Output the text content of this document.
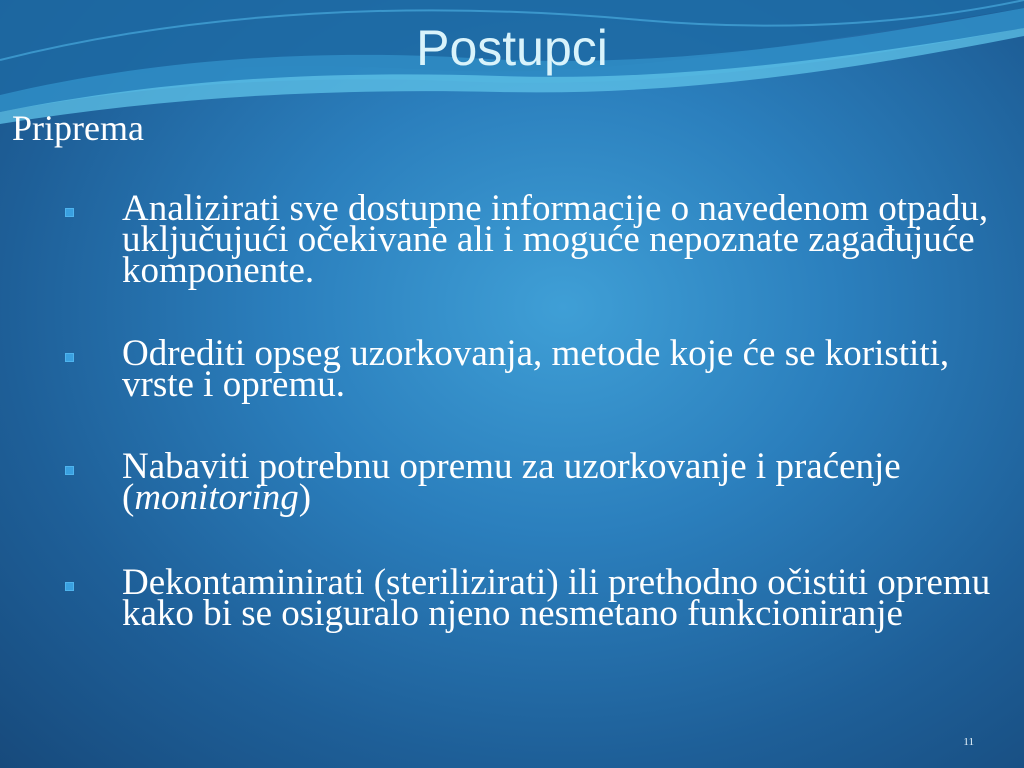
Postupci
Priprema
Analizirati sve dostupne informacije o navedenom otpadu, uključujući očekivane ali i moguće nepoznate zagađujuće komponente.
Odrediti opseg uzorkovanja, metode koje će se koristiti, vrste i opremu.
Nabaviti potrebnu opremu za uzorkovanje i praćenje (monitoring)
Dekontaminirati (sterilizirati) ili prethodno očistiti opremu kako bi se osiguralo njeno nesmetano funkcioniranje
11
